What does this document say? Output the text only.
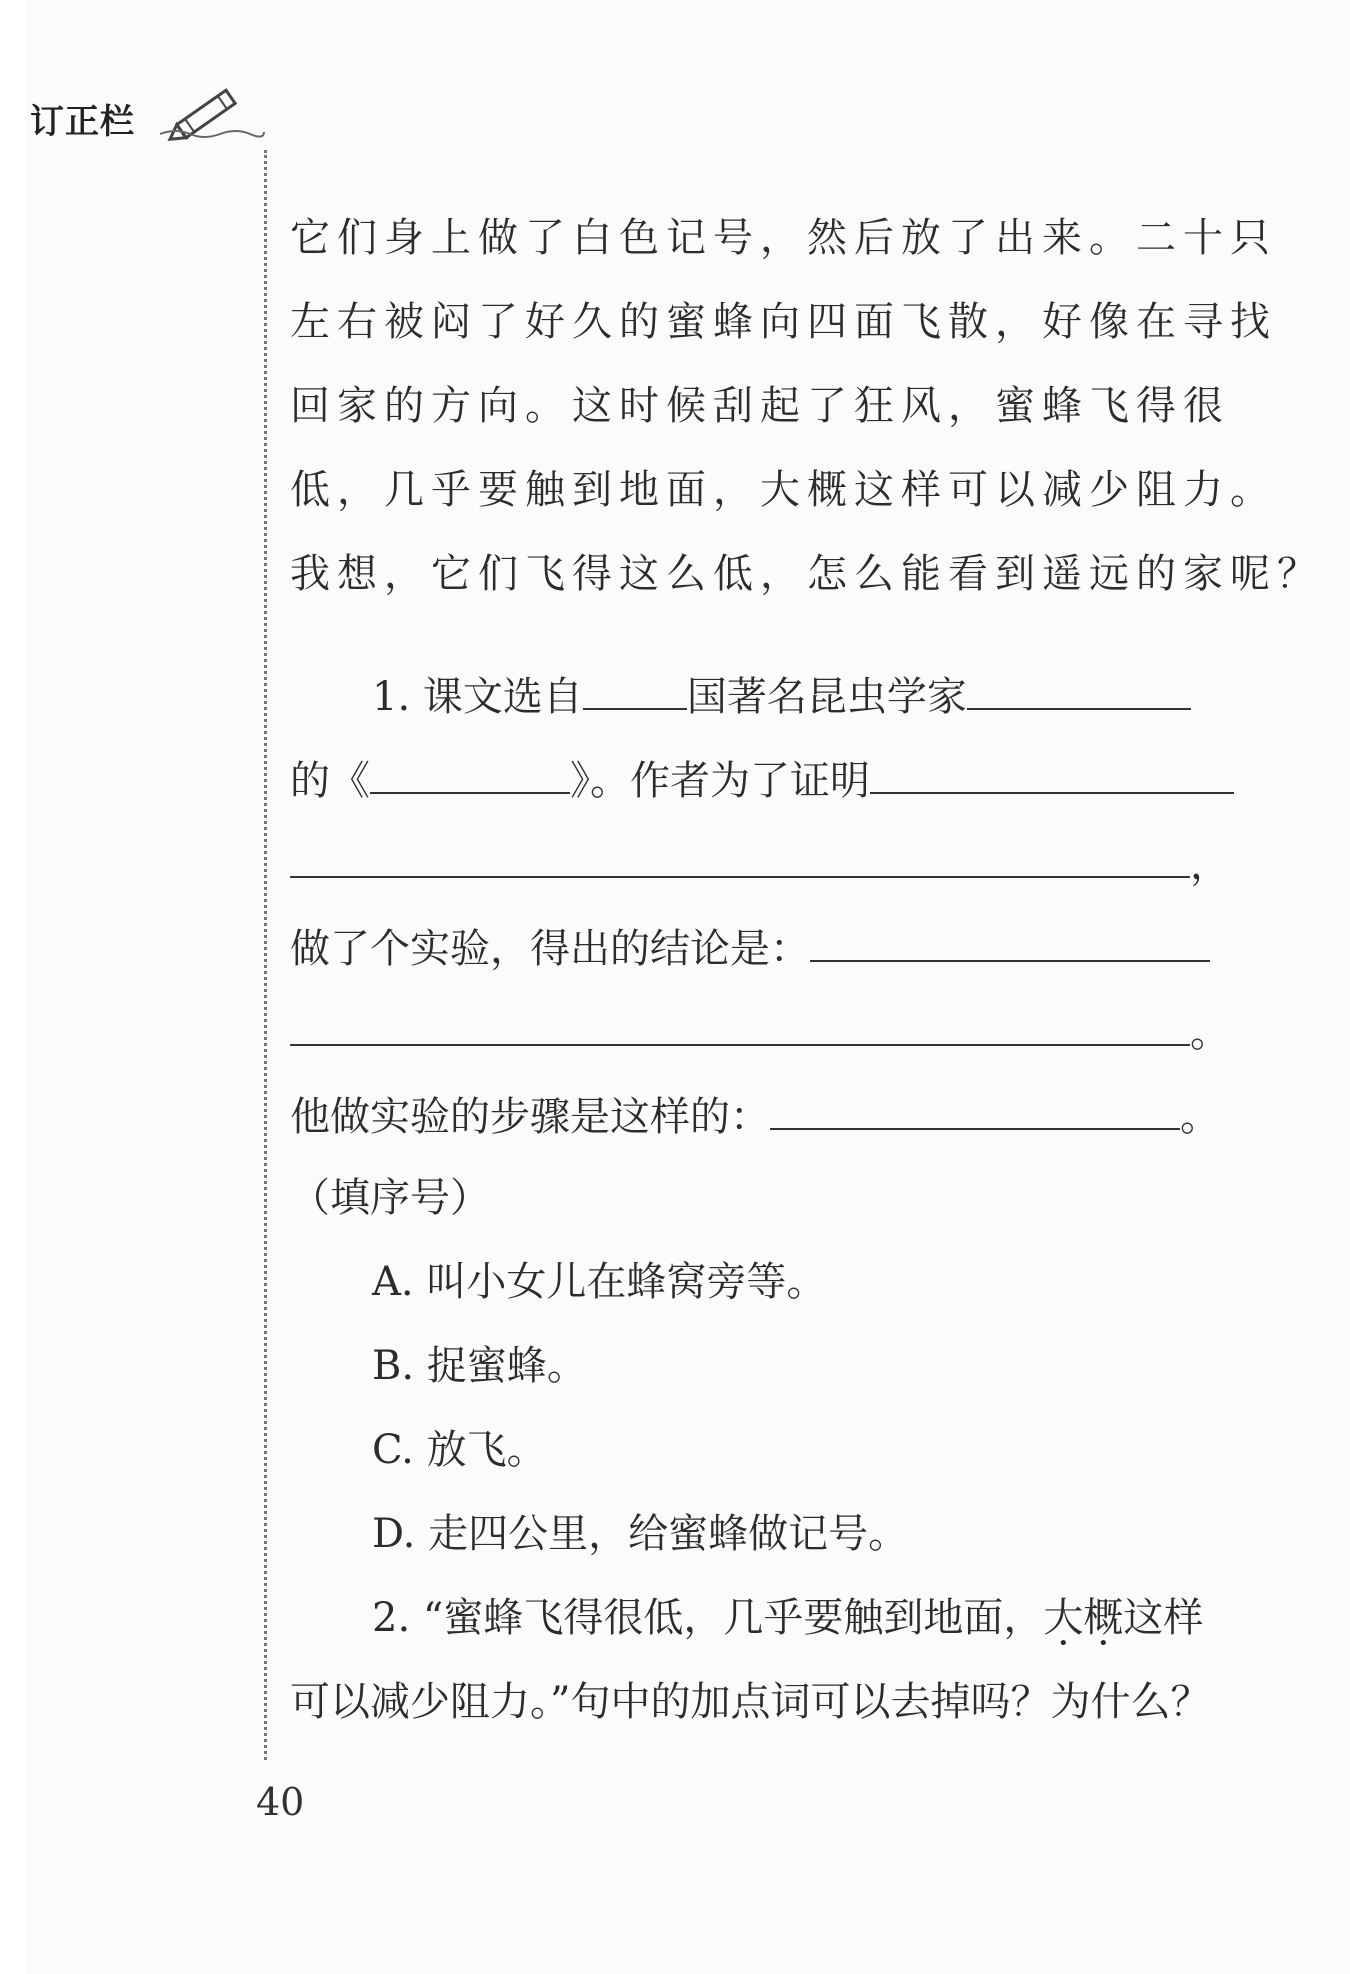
订正栏

它们身上做了白色记号，然后放了出来。二十只

左右被闷了好久的蜜蜂向四面飞散，好像在寻找

回家的方向。这时候刮起了狂风，蜜蜂飞得很

低，几乎要触到地面，大概这样可以减少阻力。

我想，它们飞得这么低，怎么能看到遥远的家呢？

1. 课文选自	国著名昆虫学家
的《	》。作者为了证明
，
做了个实验，得出的结论是：
。
他做实验的步骤是这样的：	。
（填序号）
A. 叫小女儿在蜂窝旁等。
B. 捉蜜蜂。
C. 放飞。
D. 走四公里，给蜜蜂做记号。
2. “蜜蜂飞得很低，几乎要触到地面，大概这样
可以减少阻力。”句中的加点词可以去掉吗？为什么？
40
